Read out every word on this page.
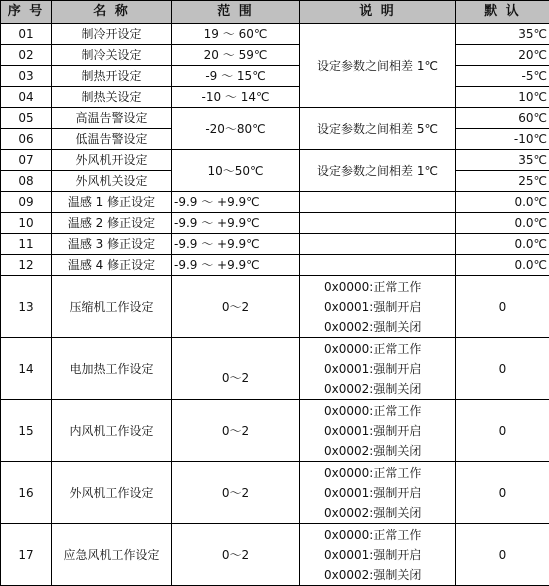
序 号	名 称	范 围	说 明	默 认
01	制冷开设定	19 ～ 60℃	设定参数之间相差 1℃	35℃
02	制冷关设定	20 ～ 59℃		20℃
03	制热开设定	-9 ～ 15℃		-5℃
04	制热关设定	-10 ～ 14℃		10℃
05	高温告警设定	-20～80℃	设定参数之间相差 5℃	60℃
06	低温告警设定			-10℃
07	外风机开设定	10～50℃	设定参数之间相差 1℃	35℃
08	外风机关设定			25℃
09	温感 1 修正设定	-9.9 ～ +9.9℃		0.0℃
10	温感 2 修正设定	-9.9 ～ +9.9℃		0.0℃
11	温感 3 修正设定	-9.9 ～ +9.9℃		0.0℃
12	温感 4 修正设定	-9.9 ～ +9.9℃		0.0℃
13	压缩机工作设定	0～2	0x0000:正常工作
0x0001:强制开启
0x0002:强制关闭	0
14	电加热工作设定	0～2	0x0000:正常工作
0x0001:强制开启
0x0002:强制关闭	0
15	内风机工作设定	0～2	0x0000:正常工作
0x0001:强制开启
0x0002:强制关闭	0
16	外风机工作设定	0～2	0x0000:正常工作
0x0001:强制开启
0x0002:强制关闭	0
17	应急风机工作设定	0～2	0x0000:正常工作
0x0001:强制开启
0x0002:强制关闭	0
